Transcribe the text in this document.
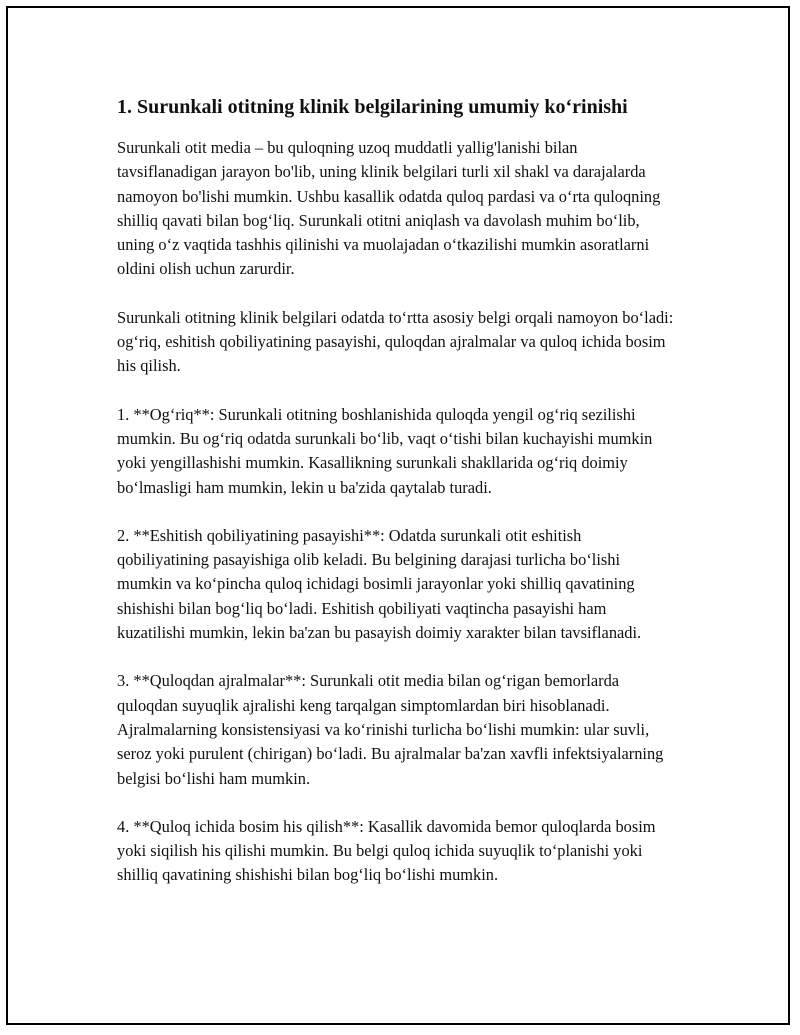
1. Surunkali otitning klinik belgilarining umumiy ko‘rinishi

Surunkali otit media – bu quloqning uzoq muddatli yallig'lanishi bilan tavsiflanadigan jarayon bo'lib, uning klinik belgilari turli xil shakl va darajalarda namoyon bo'lishi mumkin. Ushbu kasallik odatda quloq pardasi va o‘rta quloqning shilliq qavati bilan bog‘liq. Surunkali otitni aniqlash va davolash muhim bo‘lib, uning o‘z vaqtida tashhis qilinishi va muolajadan o‘tkazilishi mumkin asoratlarni oldini olish uchun zarurdir.

Surunkali otitning klinik belgilari odatda to‘rtta asosiy belgi orqali namoyon bo‘ladi: og‘riq, eshitish qobiliyatining pasayishi, quloqdan ajralmalar va quloq ichida bosim his qilish.

1. **Og‘riq**: Surunkali otitning boshlanishida quloqda yengil og‘riq sezilishi mumkin. Bu og‘riq odatda surunkali bo‘lib, vaqt o‘tishi bilan kuchayishi mumkin yoki yengillashishi mumkin. Kasallikning surunkali shakllarida og‘riq doimiy bo‘lmasligi ham mumkin, lekin u ba'zida qaytalab turadi.

2. **Eshitish qobiliyatining pasayishi**: Odatda surunkali otit eshitish qobiliyatining pasayishiga olib keladi. Bu belgining darajasi turlicha bo‘lishi mumkin va ko‘pincha quloq ichidagi bosimli jarayonlar yoki shilliq qavatining shishishi bilan bog‘liq bo‘ladi. Eshitish qobiliyati vaqtincha pasayishi ham kuzatilishi mumkin, lekin ba'zan bu pasayish doimiy xarakter bilan tavsiflanadi.

3. **Quloqdan ajralmalar**: Surunkali otit media bilan og‘rigan bemorlarda quloqdan suyuqlik ajralishi keng tarqalgan simptomlardan biri hisoblanadi. Ajralmalarning konsistensiyasi va ko‘rinishi turlicha bo‘lishi mumkin: ular suvli, seroz yoki purulent (chirigan) bo‘ladi. Bu ajralmalar ba'zan xavfli infektsiyalarning belgisi bo‘lishi ham mumkin.

4. **Quloq ichida bosim his qilish**: Kasallik davomida bemor quloqlarda bosim yoki siqilish his qilishi mumkin. Bu belgi quloq ichida suyuqlik to‘planishi yoki shilliq qavatining shishishi bilan bog‘liq bo‘lishi mumkin.
